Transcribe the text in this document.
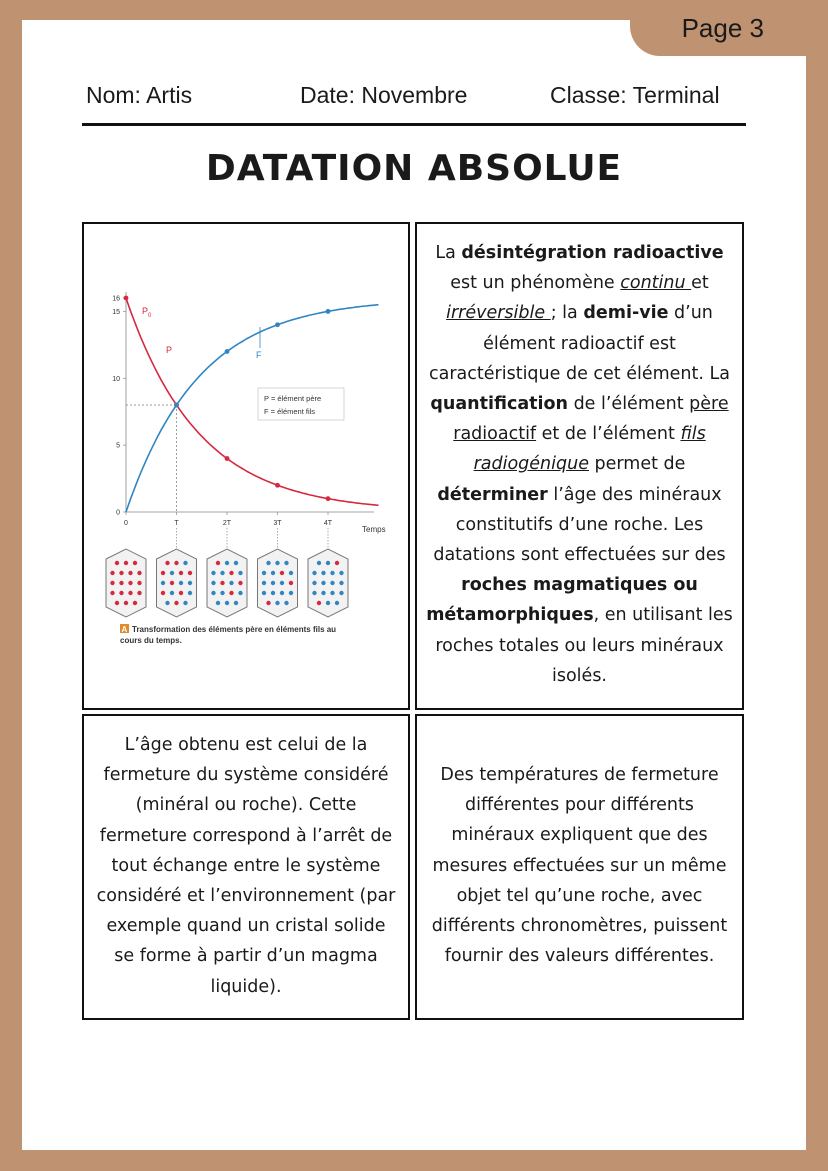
Page 3
Nom: Artis	Date: Novembre	Classe: Terminal
DATATION ABSOLUE
16
15
10
5
0
0	T	2T	3T	4T
$P_0$
P	F
P = élément père
F = élément fils
Temps
A Transformation des éléments père en éléments fils au
cours du temps.
La désintégration radioactive est un phénomène continu et irréversible ; la demi-vie d’un élément radioactif est caractéristique de cet élément. La quantification de l’élément père radioactif et de l’élément fils radiogénique permet de déterminer l’âge des minéraux constitutifs d’une roche. Les datations sont effectuées sur des roches magmatiques ou métamorphiques, en utilisant les roches totales ou leurs minéraux isolés.
L’âge obtenu est celui de la fermeture du système considéré (minéral ou roche). Cette fermeture correspond à l’arrêt de tout échange entre le système considéré et l’environnement (par exemple quand un cristal solide se forme à partir d’un magma liquide).
Des températures de fermeture différentes pour différents minéraux expliquent que des mesures effectuées sur un même objet tel qu’une roche, avec différents chronomètres, puissent fournir des valeurs différentes.
